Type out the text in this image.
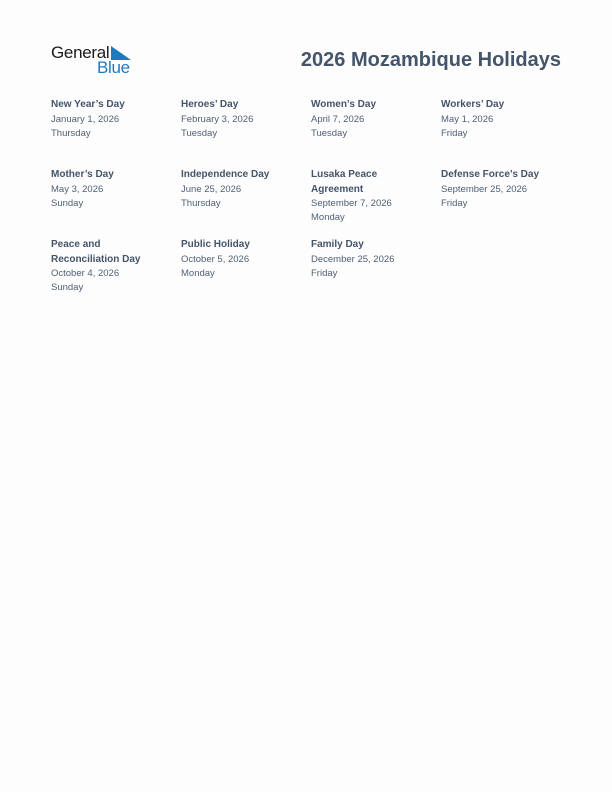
General
Blue	2026 Mozambique Holidays
New Year’s Day
January 1, 2026
Thursday
Heroes’ Day
February 3, 2026
Tuesday
Women’s Day
April 7, 2026
Tuesday
Workers’ Day
May 1, 2026
Friday
Mother’s Day
May 3, 2026
Sunday
Independence Day
June 25, 2026
Thursday
Lusaka Peace Agreement
September 7, 2026
Monday
Defense Force’s Day
September 25, 2026
Friday
Peace and Reconciliation Day
October 4, 2026
Sunday
Public Holiday
October 5, 2026
Monday
Family Day
December 25, 2026
Friday
